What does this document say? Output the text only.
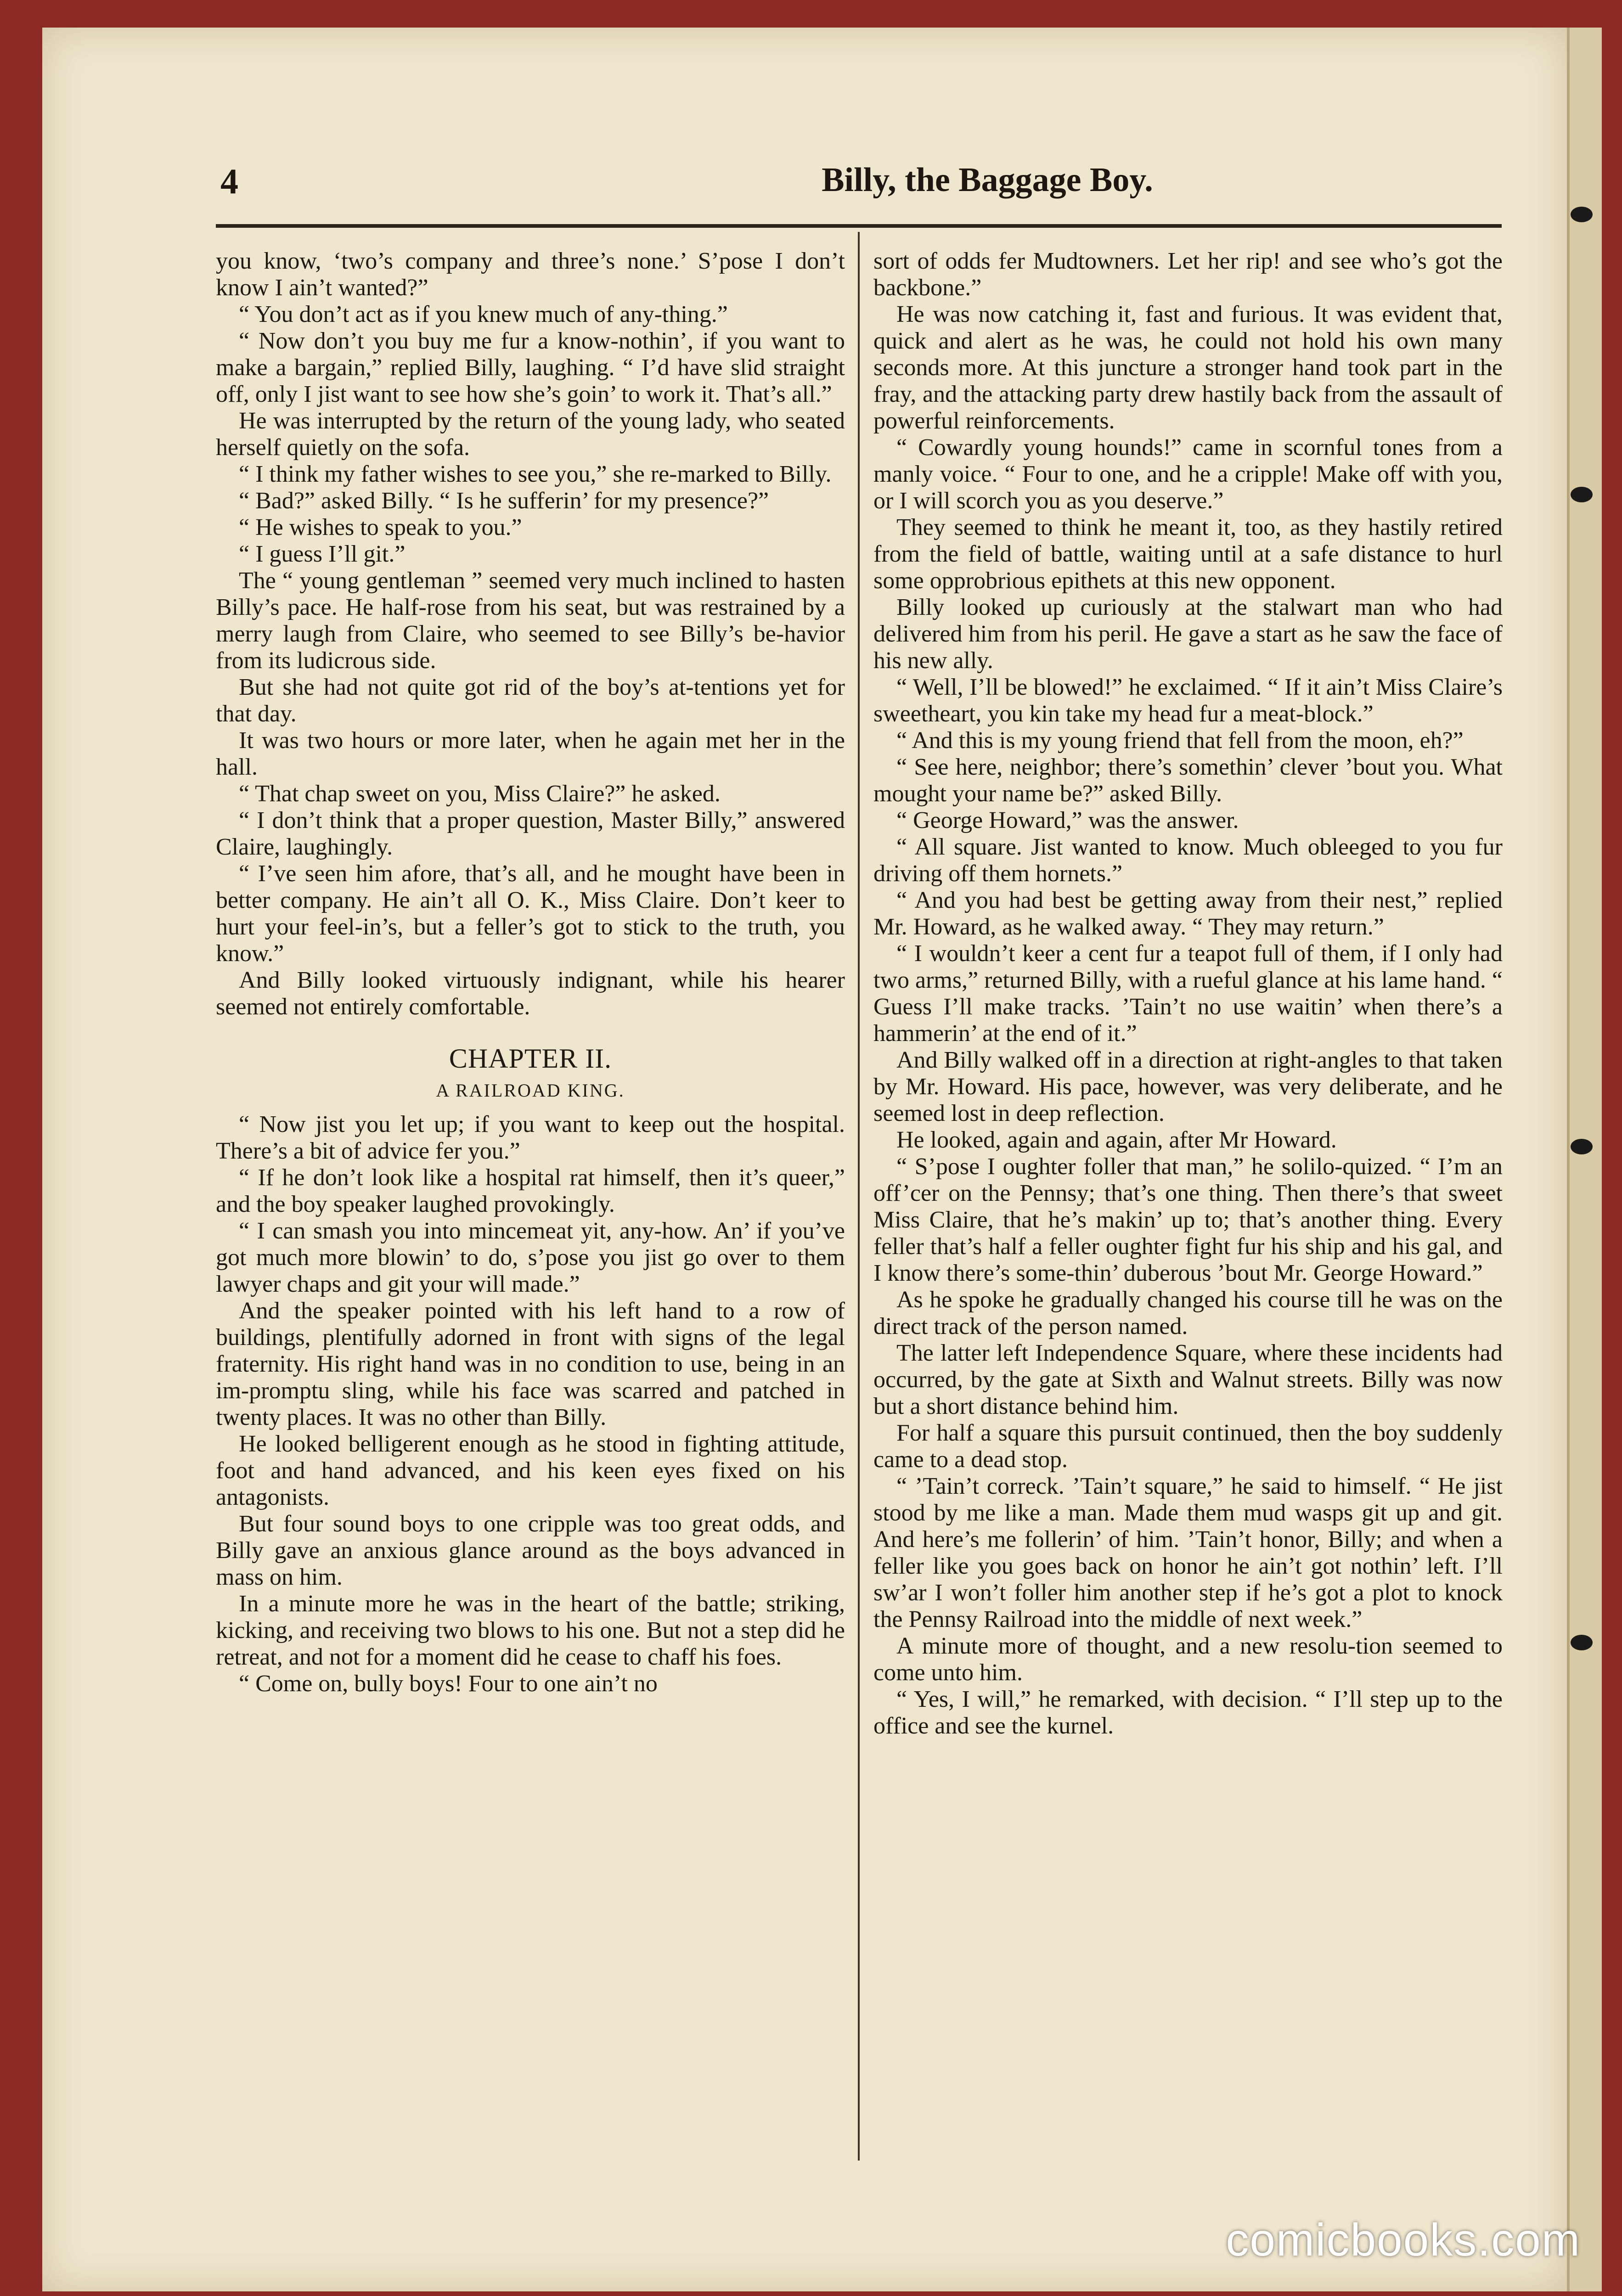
4	Billy, the Baggage Boy.

you know, ‘two’s company and three’s none.’ S’pose I don’t know I ain’t wanted?”

“ You don’t act as if you knew much of any-thing.”

“ Now don’t you buy me fur a know-nothin’, if you want to make a bargain,” replied Billy, laughing. “ I’d have slid straight off, only I jist want to see how she’s goin’ to work it. That’s all.”

He was interrupted by the return of the young lady, who seated herself quietly on the sofa.

“ I think my father wishes to see you,” she re-marked to Billy.

“ Bad?” asked Billy. “ Is he sufferin’ for my presence?”

“ He wishes to speak to you.”

“ I guess I’ll git.”

The “ young gentleman ” seemed very much inclined to hasten Billy’s pace. He half-rose from his seat, but was restrained by a merry laugh from Claire, who seemed to see Billy’s be-havior from its ludicrous side.

But she had not quite got rid of the boy’s at-tentions yet for that day.

It was two hours or more later, when he again met her in the hall.

“ That chap sweet on you, Miss Claire?” he asked.

“ I don’t think that a proper question, Master Billy,” answered Claire, laughingly.

“ I’ve seen him afore, that’s all, and he mought have been in better company. He ain’t all O. K., Miss Claire. Don’t keer to hurt your feel-in’s, but a feller’s got to stick to the truth, you know.”

And Billy looked virtuously indignant, while his hearer seemed not entirely comfortable.

CHAPTER II.
A RAILROAD KING.

“ Now jist you let up; if you want to keep out the hospital. There’s a bit of advice fer you.”

“ If he don’t look like a hospital rat himself, then it’s queer,” and the boy speaker laughed provokingly.

“ I can smash you into mincemeat yit, any-how. An’ if you’ve got much more blowin’ to do, s’pose you jist go over to them lawyer chaps and git your will made.”

And the speaker pointed with his left hand to a row of buildings, plentifully adorned in front with signs of the legal fraternity. His right hand was in no condition to use, being in an im-promptu sling, while his face was scarred and patched in twenty places. It was no other than Billy.

He looked belligerent enough as he stood in fighting attitude, foot and hand advanced, and his keen eyes fixed on his antagonists.

But four sound boys to one cripple was too great odds, and Billy gave an anxious glance around as the boys advanced in mass on him.

In a minute more he was in the heart of the battle; striking, kicking, and receiving two blows to his one. But not a step did he retreat, and not for a moment did he cease to chaff his foes.

“ Come on, bully boys! Four to one ain’t no

sort of odds fer Mudtowners. Let her rip! and see who’s got the backbone.”

He was now catching it, fast and furious. It was evident that, quick and alert as he was, he could not hold his own many seconds more. At this juncture a stronger hand took part in the fray, and the attacking party drew hastily back from the assault of powerful reinforcements.

“ Cowardly young hounds!” came in scornful tones from a manly voice. “ Four to one, and he a cripple! Make off with you, or I will scorch you as you deserve.”

They seemed to think he meant it, too, as they hastily retired from the field of battle, waiting until at a safe distance to hurl some opprobrious epithets at this new opponent.

Billy looked up curiously at the stalwart man who had delivered him from his peril. He gave a start as he saw the face of his new ally.

“ Well, I’ll be blowed!” he exclaimed. “ If it ain’t Miss Claire’s sweetheart, you kin take my head fur a meat-block.”

“ And this is my young friend that fell from the moon, eh?”

“ See here, neighbor; there’s somethin’ clever ’bout you. What mought your name be?” asked Billy.

“ George Howard,” was the answer.

“ All square. Jist wanted to know. Much obleeged to you fur driving off them hornets.”

“ And you had best be getting away from their nest,” replied Mr. Howard, as he walked away. “ They may return.”

“ I wouldn’t keer a cent fur a teapot full of them, if I only had two arms,” returned Billy, with a rueful glance at his lame hand. “ Guess I’ll make tracks. ’Tain’t no use waitin’ when there’s a hammerin’ at the end of it.”

And Billy walked off in a direction at right-angles to that taken by Mr. Howard. His pace, however, was very deliberate, and he seemed lost in deep reflection.

He looked, again and again, after Mr Howard.

“ S’pose I oughter foller that man,” he solilo-quized. “ I’m an off’cer on the Pennsy; that’s one thing. Then there’s that sweet Miss Claire, that he’s makin’ up to; that’s another thing. Every feller that’s half a feller oughter fight fur his ship and his gal, and I know there’s some-thin’ duberous ’bout Mr. George Howard.”

As he spoke he gradually changed his course till he was on the direct track of the person named.

The latter left Independence Square, where these incidents had occurred, by the gate at Sixth and Walnut streets. Billy was now but a short distance behind him.

For half a square this pursuit continued, then the boy suddenly came to a dead stop.

“ ’Tain’t correck. ’Tain’t square,” he said to himself. “ He jist stood by me like a man. Made them mud wasps git up and git. And here’s me follerin’ of him. ’Tain’t honor, Billy; and when a feller like you goes back on honor he ain’t got nothin’ left. I’ll sw’ar I won’t foller him another step if he’s got a plot to knock the Pennsy Railroad into the middle of next week.”

A minute more of thought, and a new resolu-tion seemed to come unto him.

“ Yes, I will,” he remarked, with decision. “ I’ll step up to the office and see the kurnel.

comicbooks.com
